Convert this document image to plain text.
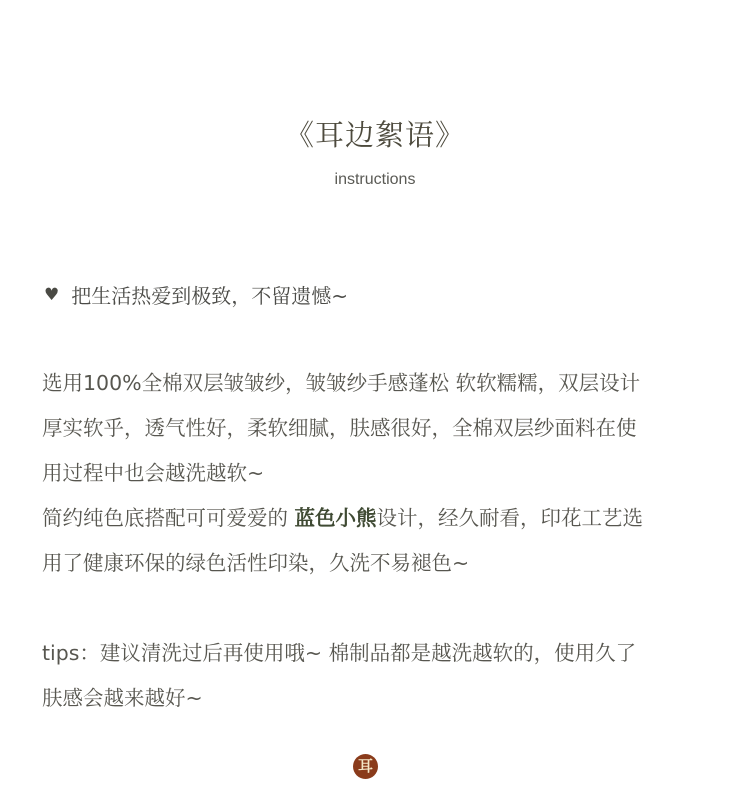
《耳边絮语》
instructions
♥ 把生活热爱到极致，不留遗憾~
选用100%全棉双层皱皱纱，皱皱纱手感蓬松 软软糯糯，双层设计
厚实软乎，透气性好，柔软细腻，肤感很好，全棉双层纱面料在使
用过程中也会越洗越软~
简约纯色底搭配可可爱爱的 蓝色小熊设计，经久耐看，印花工艺选
用了健康环保的绿色活性印染，久洗不易褪色~
tips：建议清洗过后再使用哦~ 棉制品都是越洗越软的，使用久了
肤感会越来越好~
耳
